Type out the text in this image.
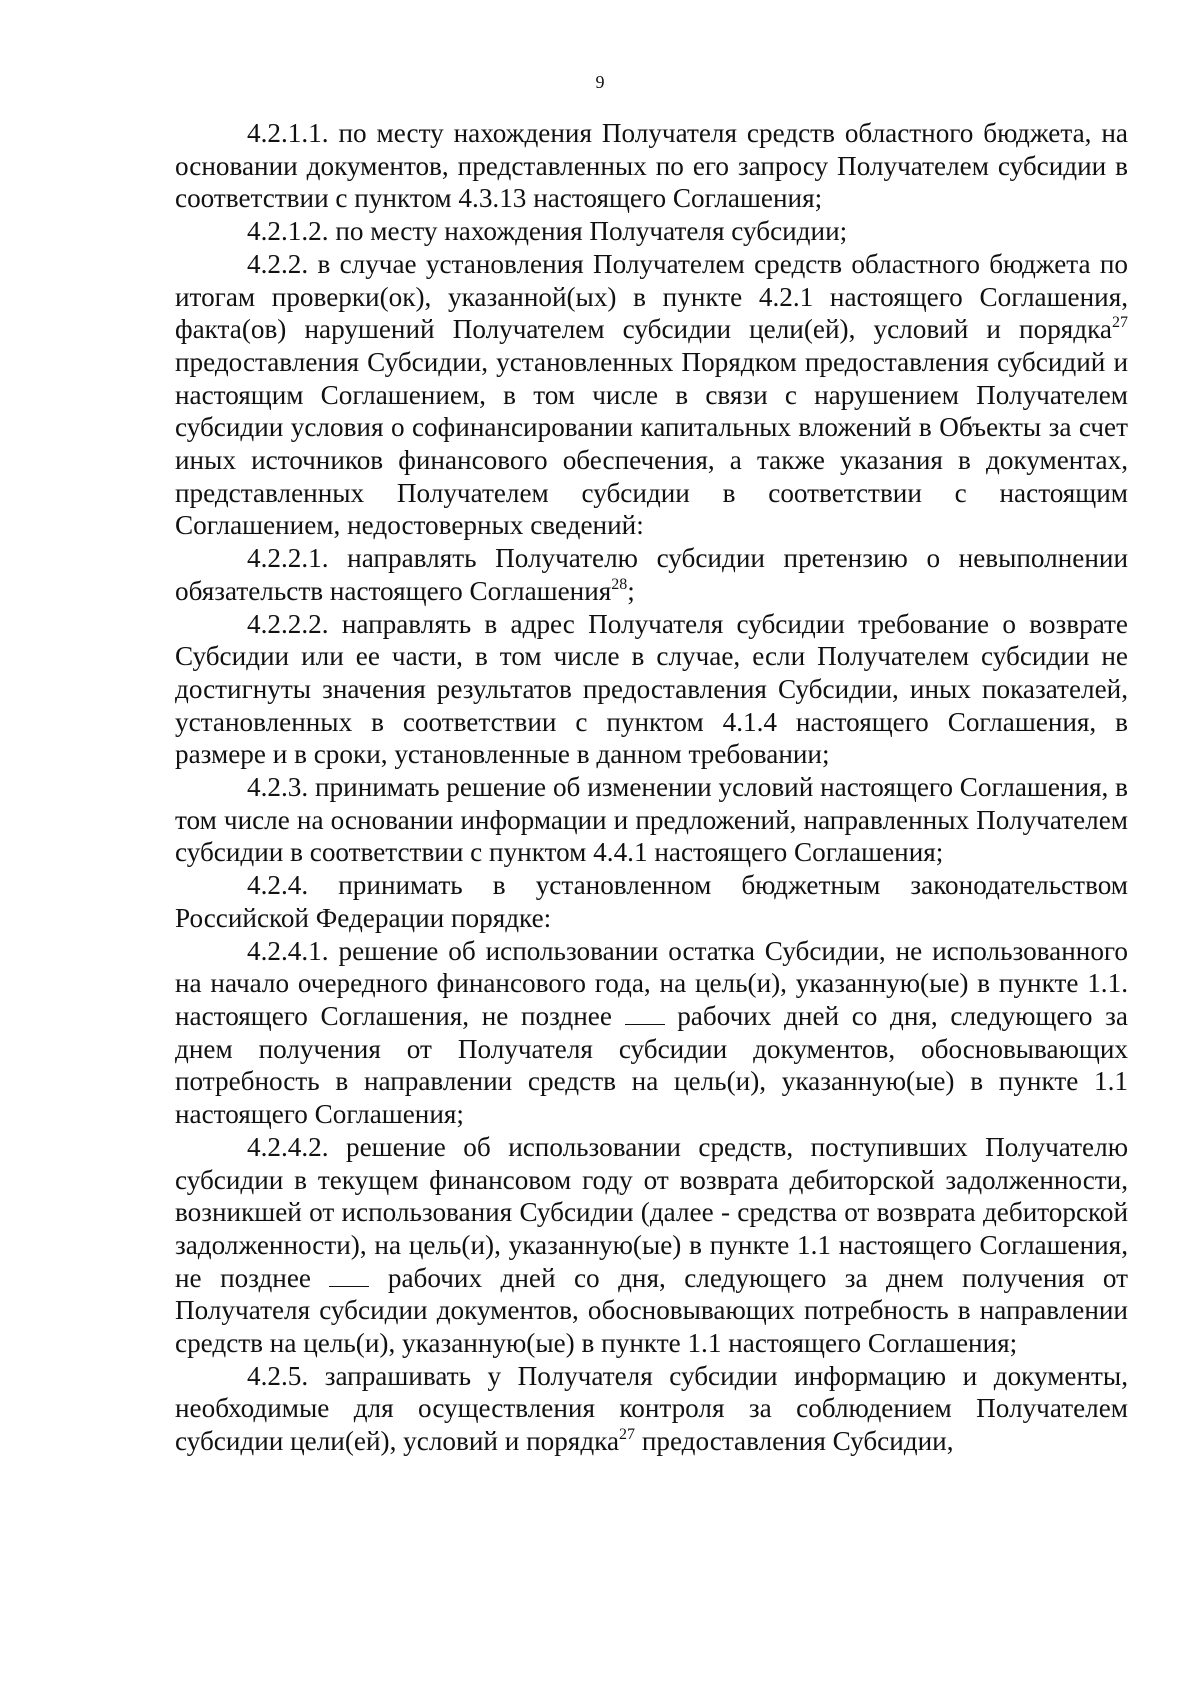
9

4.2.1.1. по месту нахождения Получателя средств областного бюджета, на основании документов, представленных по его запросу Получателем субсидии в соответствии с пунктом 4.3.13 настоящего Соглашения;

4.2.1.2. по месту нахождения Получателя субсидии;

4.2.2. в случае установления Получателем средств областного бюджета по итогам проверки(ок), указанной(ых) в пункте 4.2.1 настоящего Соглашения, факта(ов) нарушений Получателем субсидии цели(ей), условий и порядка$^{27}$ предоставления Субсидии, установленных Порядком предоставления субсидий и настоящим Соглашением, в том числе в связи с нарушением Получателем субсидии условия о софинансировании капитальных вложений в Объекты за счет иных источников финансового обеспечения, а также указания в документах, представленных Получателем субсидии в соответствии с настоящим Соглашением, недостоверных сведений:

4.2.2.1. направлять Получателю субсидии претензию о невыполнении обязательств настоящего Соглашения$^{28}$;

4.2.2.2. направлять в адрес Получателя субсидии требование о возврате Субсидии или ее части, в том числе в случае, если Получателем субсидии не достигнуты значения результатов предоставления Субсидии, иных показателей, установленных в соответствии с пунктом 4.1.4 настоящего Соглашения, в размере и в сроки, установленные в данном требовании;

4.2.3. принимать решение об изменении условий настоящего Соглашения, в том числе на основании информации и предложений, направленных Получателем субсидии в соответствии с пунктом 4.4.1 настоящего Соглашения;

4.2.4. принимать в установленном бюджетным законодательством Российской Федерации порядке:

4.2.4.1. решение об использовании остатка Субсидии, не использованного на начало очередного финансового года, на цель(и), указанную(ые) в пункте 1.1. настоящего Соглашения, не позднее  рабочих дней со дня, следующего за днем получения от Получателя субсидии документов, обосновывающих потребность в направлении средств на цель(и), указанную(ые) в пункте 1.1 настоящего Соглашения;

4.2.4.2. решение об использовании средств, поступивших Получателю субсидии в текущем финансовом году от возврата дебиторской задолженности, возникшей от использования Субсидии (далее - средства от возврата дебиторской задолженности), на цель(и), указанную(ые) в пункте 1.1 настоящего Соглашения, не позднее  рабочих дней со дня, следующего за днем получения от Получателя субсидии документов, обосновывающих потребность в направлении средств на цель(и), указанную(ые) в пункте 1.1 настоящего Соглашения;

4.2.5. запрашивать у Получателя субсидии информацию и документы, необходимые для осуществления контроля за соблюдением Получателем субсидии цели(ей), условий и порядка$^{27}$ предоставления Субсидии,
